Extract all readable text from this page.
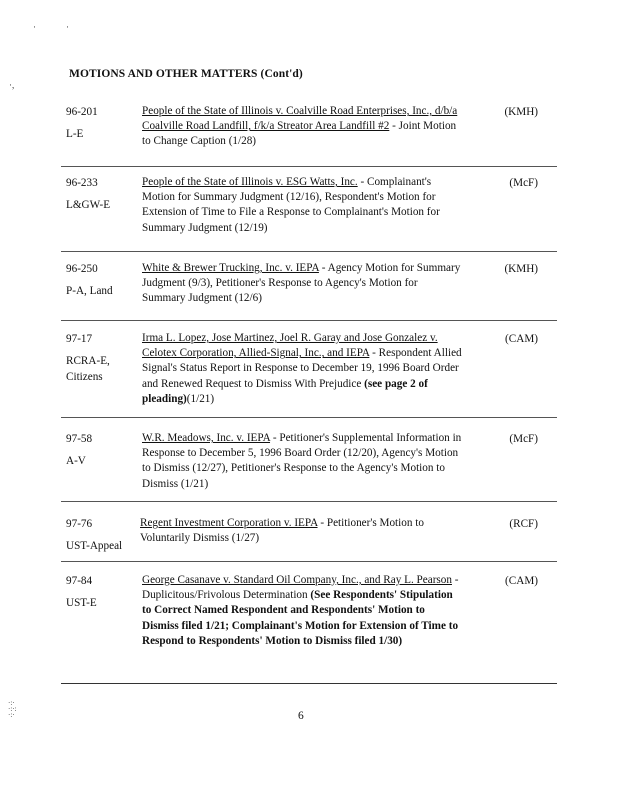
·	·
·,
MOTIONS AND OTHER MATTERS (Cont'd)
96-201
L-E
People of the State of Illinois v. Coalville Road Enterprises, Inc., d/b/a Coalville Road Landfill, f/k/a Streator Area Landfill #2 - Joint Motion to Change Caption (1/28)
(KMH)
96-233
L&GW-E
People of the State of Illinois v. ESG Watts, Inc. - Complainant's Motion for Summary Judgment (12/16), Respondent's Motion for Extension of Time to File a Response to Complainant's Motion for Summary Judgment (12/19)
(McF)
96-250
P-A, Land
White & Brewer Trucking, Inc. v. IEPA - Agency Motion for Summary Judgment (9/3), Petitioner's Response to Agency's Motion for Summary Judgment (12/6)
(KMH)
97-17
RCRA-E, Citizens
Irma L. Lopez, Jose Martinez, Joel R. Garay and Jose Gonzalez v. Celotex Corporation, Allied-Signal, Inc., and IEPA - Respondent Allied Signal's Status Report in Response to December 19, 1996 Board Order and Renewed Request to Dismiss With Prejudice (see page 2 of pleading)(1/21)
(CAM)
97-58
A-V
W.R. Meadows, Inc. v. IEPA - Petitioner's Supplemental Information in Response to December 5, 1996 Board Order (12/20), Agency's Motion to Dismiss (12/27), Petitioner's Response to the Agency's Motion to Dismiss (1/21)
(McF)
97-76
UST-Appeal
Regent Investment Corporation v. IEPA - Petitioner's Motion to Voluntarily Dismiss (1/27)
(RCF)
97-84
UST-E
George Casanave v. Standard Oil Company, Inc., and Ray L. Pearson - Duplicitous/Frivolous Determination (See Respondents' Stipulation to Correct Named Respondent and Respondents' Motion to Dismiss filed 1/21; Complainant's Motion for Extension of Time to Respond to Respondents' Motion to Dismiss filed 1/30)
(CAM)
·:·
·:·:
·:·	6
